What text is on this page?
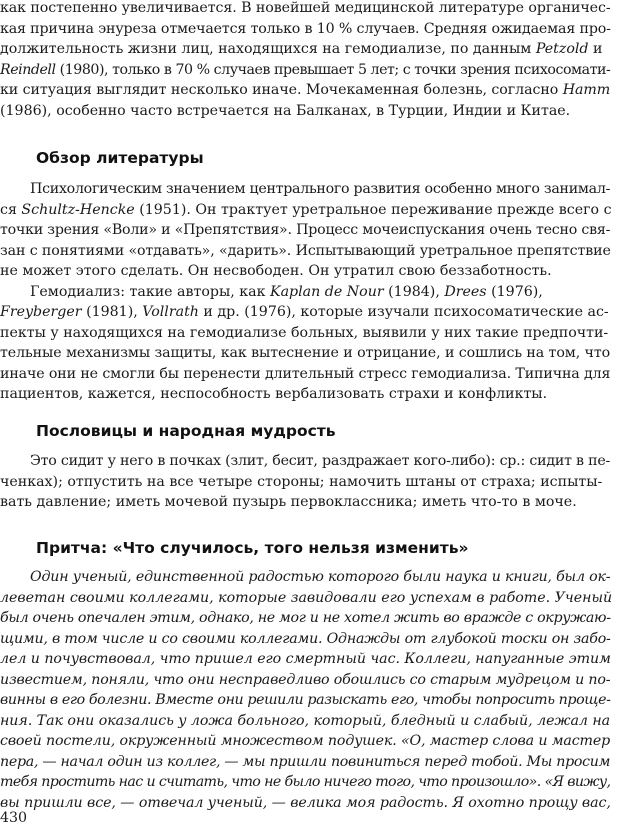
как постепенно увеличивается. В новейшей медицинской литературе органичес-

кая причина энуреза отмечается только в 10 % случаев. Средняя ожидаемая про-

должительность жизни лиц, находящихся на гемодиализе, по данным Petzold и

Reindell (1980), только в 70 % случаев превышает 5 лет; с точки зрения психосомати-

ки ситуация выглядит несколько иначе. Мочекаменная болезнь, согласно Hamm

(1986), особенно часто встречается на Балканах, в Турции, Индии и Китае.

Обзор литературы

Психологическим значением центрального развития особенно много занимал-

ся Schultz-Hencke (1951). Он трактует уретральное переживание прежде всего с

точки зрения «Воли» и «Препятствия». Процесс мочеиспускания очень тесно свя-

зан с понятиями «отдавать», «дарить». Испытывающий уретральное препятствие

не может этого сделать. Он несвободен. Он утратил свою беззаботность.

Гемодиализ: такие авторы, как Kaplan de Nour (1984), Drees (1976),

Freyberger (1981), Vollrath и др. (1976), которые изучали психосоматические ас-

пекты у находящихся на гемодиализе больных, выявили у них такие предпочти-

тельные механизмы защиты, как вытеснение и отрицание, и сошлись на том, что

иначе они не смогли бы перенести длительный стресс гемодиализа. Типична для

пациентов, кажется, неспособность вербализовать страхи и конфликты.

Пословицы и народная мудрость

Это сидит у него в почках (злит, бесит, раздражает кого-либо): ср.: сидит в пе-

ченках); отпустить на все четыре стороны; намочить штаны от страха; испыты-

вать давление; иметь мочевой пузырь первоклассника; иметь что-то в моче.

Притча: «Что случилось, того нельзя изменить»

Один ученый, единственной радостью которого были наука и книги, был ок-

леветан своими коллегами, которые завидовали его успехам в работе. Ученый

был очень опечален этим, однако, не мог и не хотел жить во вражде с окружаю-

щими, в том числе и со своими коллегами. Однажды от глубокой тоски он забо-

лел и почувствовал, что пришел его смертный час. Коллеги, напуганные этим

известием, поняли, что они несправедливо обошлись со старым мудрецом и по-

винны в его болезни. Вместе они решили разыскать его, чтобы попросить проще-

ния. Так они оказались у ложа больного, который, бледный и слабый, лежал на

своей постели, окруженный множеством подушек. «О, мастер слова и мастер

пера, — начал один из коллег, — мы пришли повиниться перед тобой. Мы просим

тебя простить нас и считать, что не было ничего того, что произошло». «Я вижу,

вы пришли все, — отвечал ученый, — велика моя радость. Я охотно прощу вас,

430
